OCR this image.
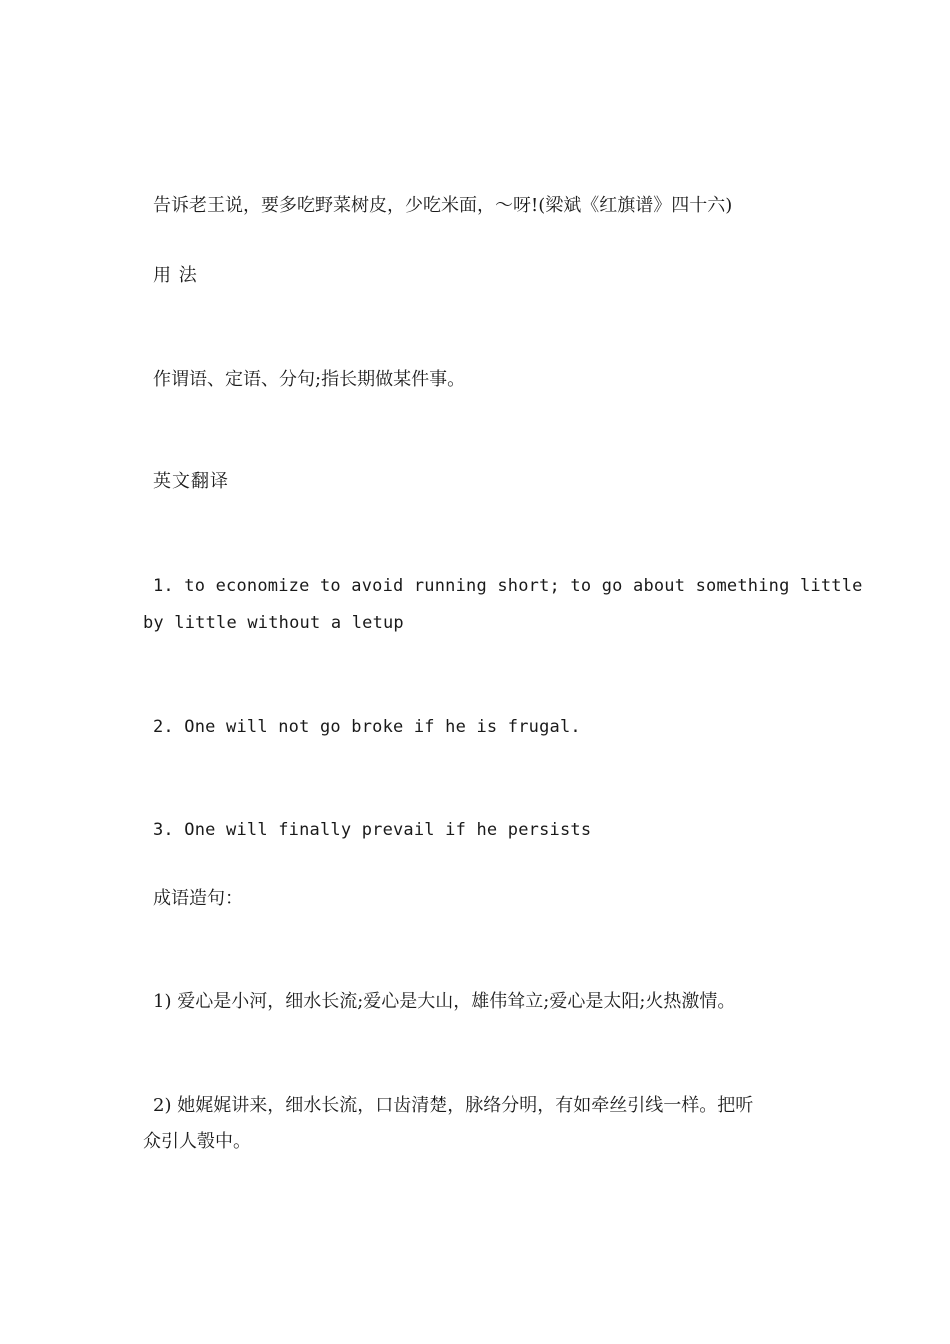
告诉老王说，要多吃野菜树皮，少吃米面，～呀!(梁斌《红旗谱》四十六)
用 法
作谓语、定语、分句;指长期做某件事。
英文翻译
1. to economize to avoid running short; to go about something little
by little without a letup
2. One will not go broke if he is frugal.
3. One will finally prevail if he persists
成语造句：
1) 爱心是小河，细水长流;爱心是大山，雄伟耸立;爱心是太阳;火热激情。
2) 她娓娓讲来，细水长流，口齿清楚，脉络分明，有如牵丝引线一样。把听
众引人彀中。
